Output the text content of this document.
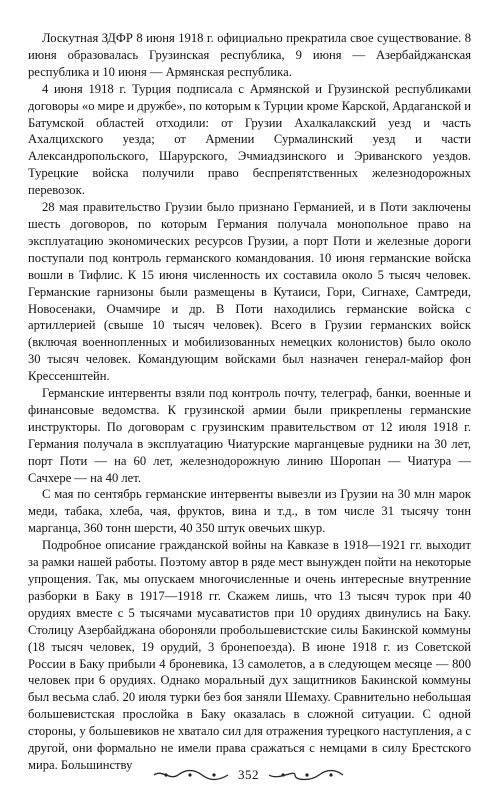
Лоскутная ЗДФР 8 июня 1918 г. официально прекратила свое существование. 8 июня образовалась Грузинская республика, 9 июня — Азербайджанская республика и 10 июня — Армянская республика.

4 июня 1918 г. Турция подписала с Армянской и Грузинской республиками договоры «о мире и дружбе», по которым к Турции кроме Карской, Ардаганской и Батумской областей отходили: от Грузии Ахалкалакский уезд и часть Ахалцихского уезда; от Армении Сурмалинский уезд и части Александропольского, Шарурского, Эчмиадзинского и Эриванского уездов. Турецкие войска получили право беспрепятственных железнодорожных перевозок.

28 мая правительство Грузии было признано Германией, и в Поти заключены шесть договоров, по которым Германия получала монопольное право на эксплуатацию экономических ресурсов Грузии, а порт Поти и железные дороги поступали под контроль германского командования. 10 июня германские войска вошли в Тифлис. К 15 июня численность их составила около 5 тысяч человек. Германские гарнизоны были размещены в Кутаиси, Гори, Сигнахе, Самтреди, Новосенаки, Очамчире и др. В Поти находились германские войска с артиллерией (свыше 10 тысяч человек). Всего в Грузии германских войск (включая военнопленных и мобилизованных немецких колонистов) было около 30 тысяч человек. Командующим войсками был назначен генерал-майор фон Крессенштейн.

Германские интервенты взяли под контроль почту, телеграф, банки, военные и финансовые ведомства. К грузинской армии были прикреплены германские инструкторы. По договорам с грузинским правительством от 12 июля 1918 г. Германия получала в эксплуатацию Чиатурские марганцевые рудники на 30 лет, порт Поти — на 60 лет, железнодорожную линию Шоропан — Чиатура — Сачхере — на 40 лет.

С мая по сентябрь германские интервенты вывезли из Грузии на 30 млн марок меди, табака, хлеба, чая, фруктов, вина и т.д., в том числе 31 тысячу тонн марганца, 360 тонн шерсти, 40 350 штук овечьих шкур.

Подробное описание гражданской войны на Кавказе в 1918—1921 гг. выходит за рамки нашей работы. Поэтому автор в ряде мест вынужден пойти на некоторые упрощения. Так, мы опускаем многочисленные и очень интересные внутренние разборки в Баку в 1917—1918 гг. Скажем лишь, что 13 тысяч турок при 40 орудиях вместе с 5 тысячами мусаватистов при 10 орудиях двинулись на Баку. Столицу Азербайджана обороняли пробольшевистские силы Бакинской коммуны (18 тысяч человек, 19 орудий, 3 бронепоезда). В июне 1918 г. из Советской России в Баку прибыли 4 броневика, 13 самолетов, а в следующем месяце — 800 человек при 6 орудиях. Однако моральный дух защитников Бакинской коммуны был весьма слаб. 20 июля турки без боя заняли Шемаху. Сравнительно небольшая большевистская прослойка в Баку оказалась в сложной ситуации. С одной стороны, у большевиков не хватало сил для отражения турецкого наступления, а с другой, они формально не имели права сражаться с немцами в силу Брестского мира. Большинству

352
